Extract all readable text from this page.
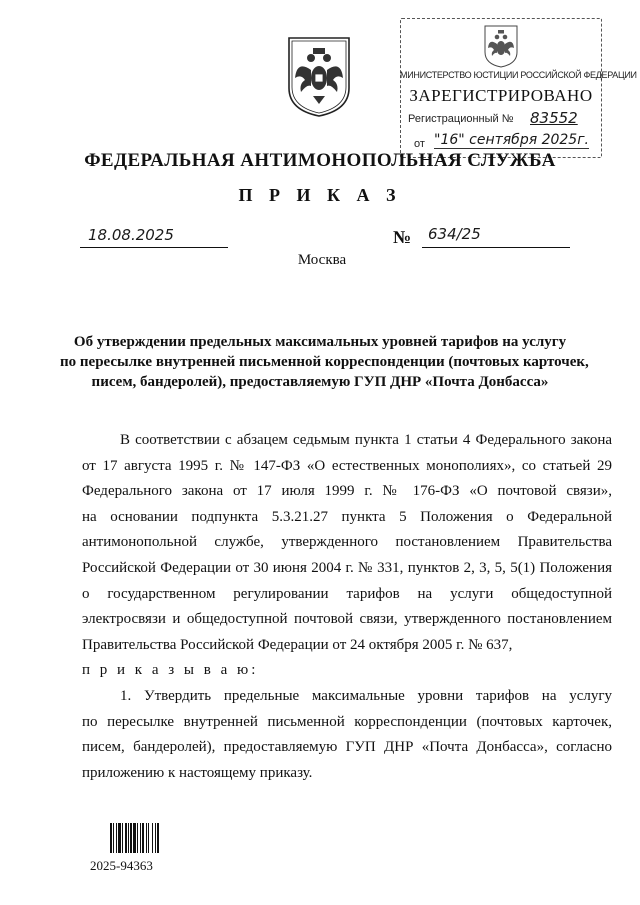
МИНИСТЕРСТВО ЮСТИЦИИ РОССИЙСКОЙ ФЕДЕРАЦИИ
ЗАРЕГИСТРИРОВАНО
Регистрационный № 83552
от "16" сентября 2025г.
ФЕДЕРАЛЬНАЯ АНТИМОНОПОЛЬНАЯ СЛУЖБА
П Р И К А З
18.08.2025	№ 634/25
Москва
Об утверждении предельных максимальных уровней тарифов на услугу
по пересылке внутренней письменной корреспонденции (почтовых карточек,
писем, бандеролей), предоставляемую ГУП ДНР «Почта Донбасса»
В соответствии с абзацем седьмым пункта 1 статьи 4 Федерального закона
от 17 августа 1995 г. № 147-ФЗ «О естественных монополиях», со статьей 29
Федерального закона от 17 июля 1999 г. № 176-ФЗ «О почтовой связи»,
на основании подпункта 5.3.21.27 пункта 5 Положения о Федеральной
антимонопольной службе, утвержденного постановлением Правительства
Российской Федерации от 30 июня 2004 г. № 331, пунктов 2, 3, 5, 5(1) Положения
о государственном регулировании тарифов на услуги общедоступной
электросвязи и общедоступной почтовой связи, утвержденного постановлением
Правительства Российской Федерации от 24 октября 2005 г. № 637,
п р и к а з ы в а ю:
1. Утвердить предельные максимальные уровни тарифов на услугу
по пересылке внутренней письменной корреспонденции (почтовых карточек,
писем, бандеролей), предоставляемую ГУП ДНР «Почта Донбасса», согласно
приложению к настоящему приказу.
2025-94363
